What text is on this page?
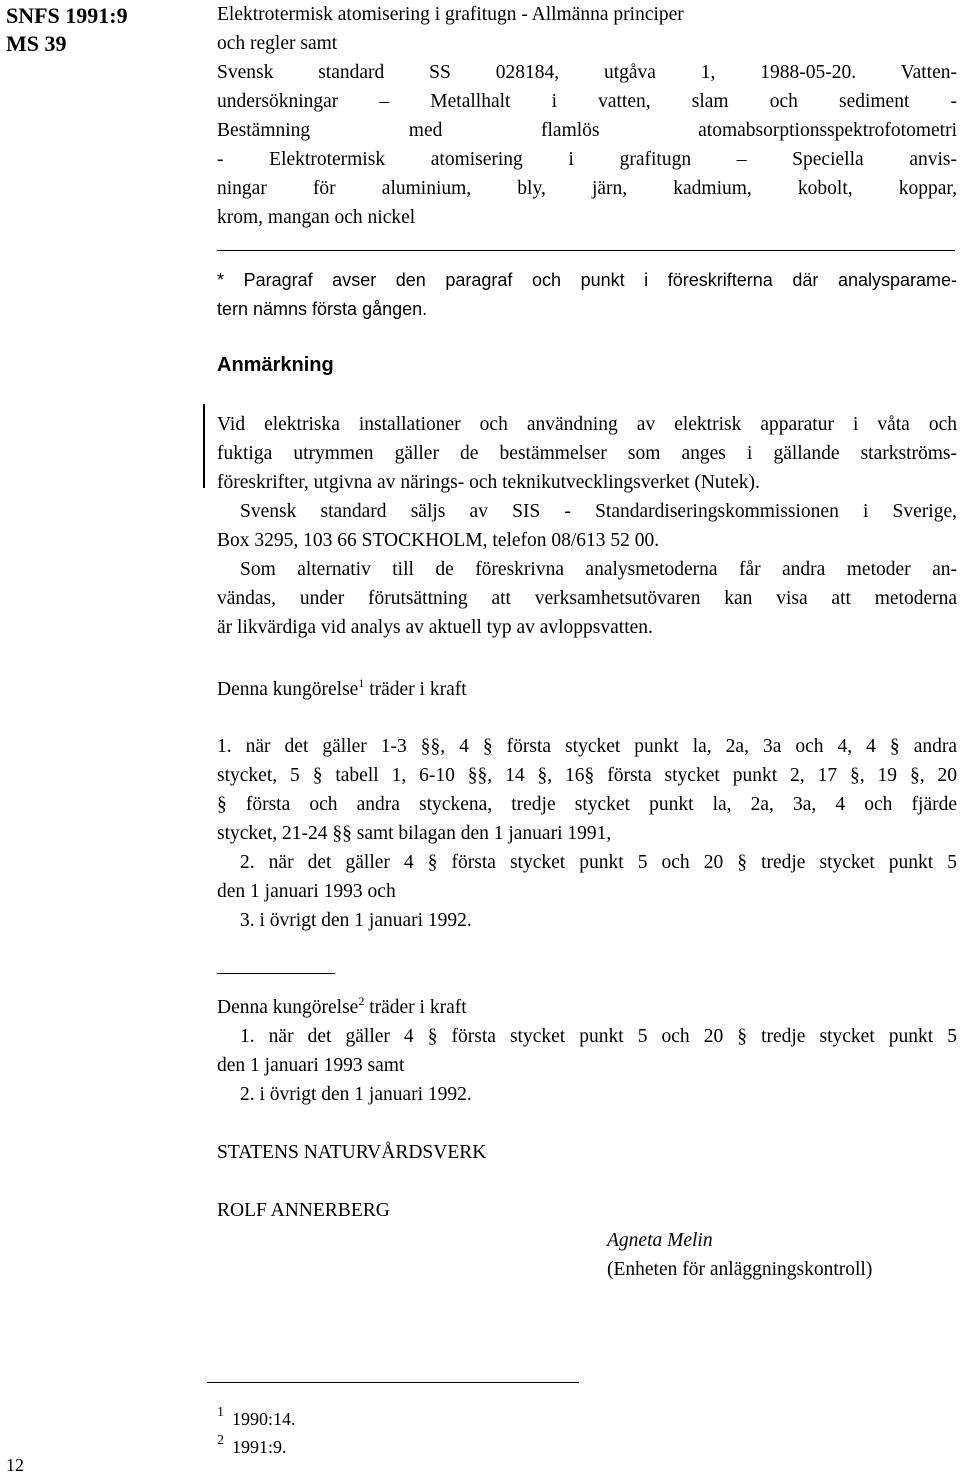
SNFS 1991:9
MS 39
Elektrotermisk atomisering i grafitugn - Allmänna principer
och regler samt
Svensk standard SS 028184, utgåva 1, 1988-05-20. Vatten-
undersökningar – Metallhalt i vatten, slam och sediment -
Bestämning med flamlös atomabsorptionsspektrofotometri
- Elektrotermisk atomisering i grafitugn – Speciella anvis-
ningar för aluminium, bly, järn, kadmium, kobolt, koppar,
krom, mangan och nickel
* Paragraf avser den paragraf och punkt i föreskrifterna där analysparame-
tern nämns första gången.
Anmärkning
Vid elektriska installationer och användning av elektrisk apparatur i våta och
fuktiga utrymmen gäller de bestämmelser som anges i gällande starkströms-
föreskrifter, utgivna av närings- och teknikutvecklingsverket (Nutek).
Svensk standard säljs av SIS - Standardiseringskommissionen i Sverige,
Box 3295, 103 66 STOCKHOLM, telefon 08/613 52 00.
Som alternativ till de föreskrivna analysmetoderna får andra metoder an-
vändas, under förutsättning att verksamhetsutövaren kan visa att metoderna
är likvärdiga vid analys av aktuell typ av avloppsvatten.
Denna kungörelse$^1$ träder i kraft
1. när det gäller 1-3 §§, 4 § första stycket punkt la, 2a, 3a och 4, 4 § andra
stycket, 5 § tabell 1, 6-10 §§, 14 §, 16§ första stycket punkt 2, 17 §, 19 §, 20
§ första och andra styckena, tredje stycket punkt la, 2a, 3a, 4 och fjärde
stycket, 21-24 §§ samt bilagan den 1 januari 1991,
2. när det gäller 4 § första stycket punkt 5 och 20 § tredje stycket punkt 5
den 1 januari 1993 och
3. i övrigt den 1 januari 1992.
Denna kungörelse$^2$ träder i kraft
1. när det gäller 4 § första stycket punkt 5 och 20 § tredje stycket punkt 5
den 1 januari 1993 samt
2. i övrigt den 1 januari 1992.
STATENS NATURVÅRDSVERK
ROLF ANNERBERG
Agneta Melin
(Enheten för anläggningskontroll)
$^1$ 1990:14.
$^2$ 1991:9.
12
